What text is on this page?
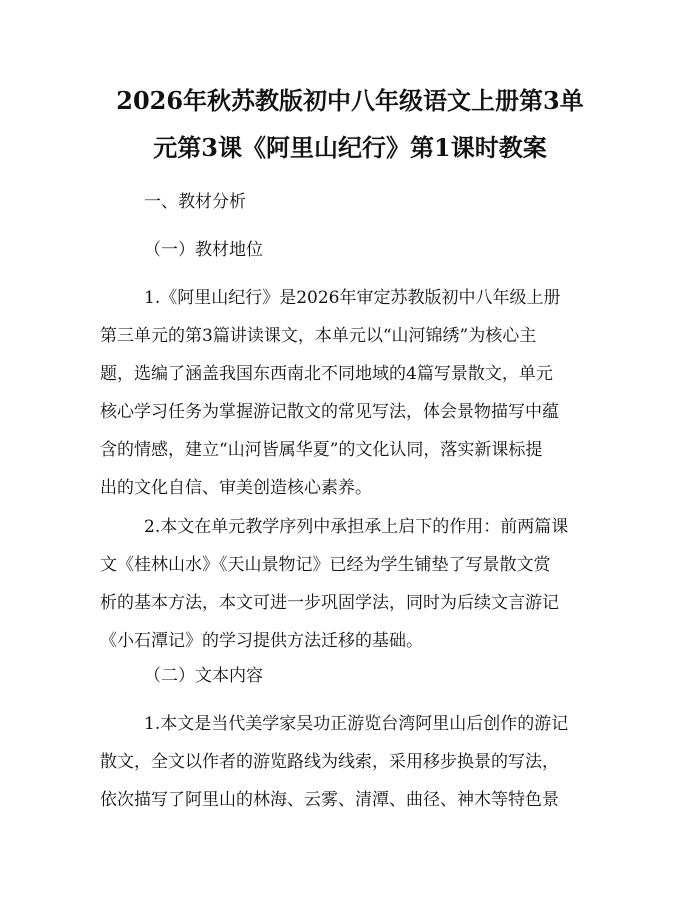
2026年秋苏教版初中八年级语文上册第3单
元第3课《阿里山纪行》第1课时教案
一、教材分析
（一）教材地位
1.《阿里山纪行》是2026年审定苏教版初中八年级上册
第三单元的第3篇讲读课文，本单元以“山河锦绣”为核心主
题，选编了涵盖我国东西南北不同地域的4篇写景散文，单元
核心学习任务为掌握游记散文的常见写法，体会景物描写中蕴
含的情感，建立“山河皆属华夏”的文化认同，落实新课标提
出的文化自信、审美创造核心素养。
2.本文在单元教学序列中承担承上启下的作用：前两篇课
文《桂林山水》《天山景物记》已经为学生铺垫了写景散文赏
析的基本方法，本文可进一步巩固学法，同时为后续文言游记
《小石潭记》的学习提供方法迁移的基础。
（二）文本内容
1.本文是当代美学家吴功正游览台湾阿里山后创作的游记
散文，全文以作者的游览路线为线索，采用移步换景的写法，
依次描写了阿里山的林海、云雾、清潭、曲径、神木等特色景
